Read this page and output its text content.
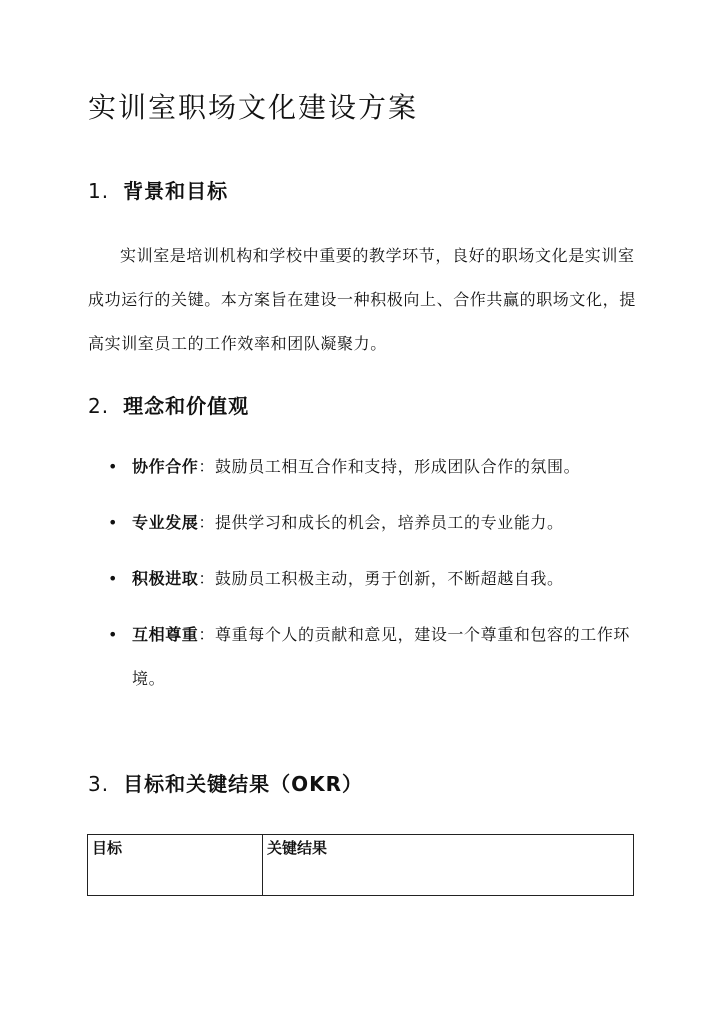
实训室职场文化建设方案
1. 背景和目标

实训室是培训机构和学校中重要的教学环节，良好的职场文化是实训室成功运行的关键。本方案旨在建设一种积极向上、合作共赢的职场文化，提高实训室员工的工作效率和团队凝聚力。

2. 理念和价值观
• 协作合作：鼓励员工相互合作和支持，形成团队合作的氛围。
• 专业发展：提供学习和成长的机会，培养员工的专业能力。
• 积极进取：鼓励员工积极主动，勇于创新，不断超越自我。
• 互相尊重：尊重每个人的贡献和意见，建设一个尊重和包容的工作环境。
3. 目标和关键结果（OKR）
目标	关键结果
